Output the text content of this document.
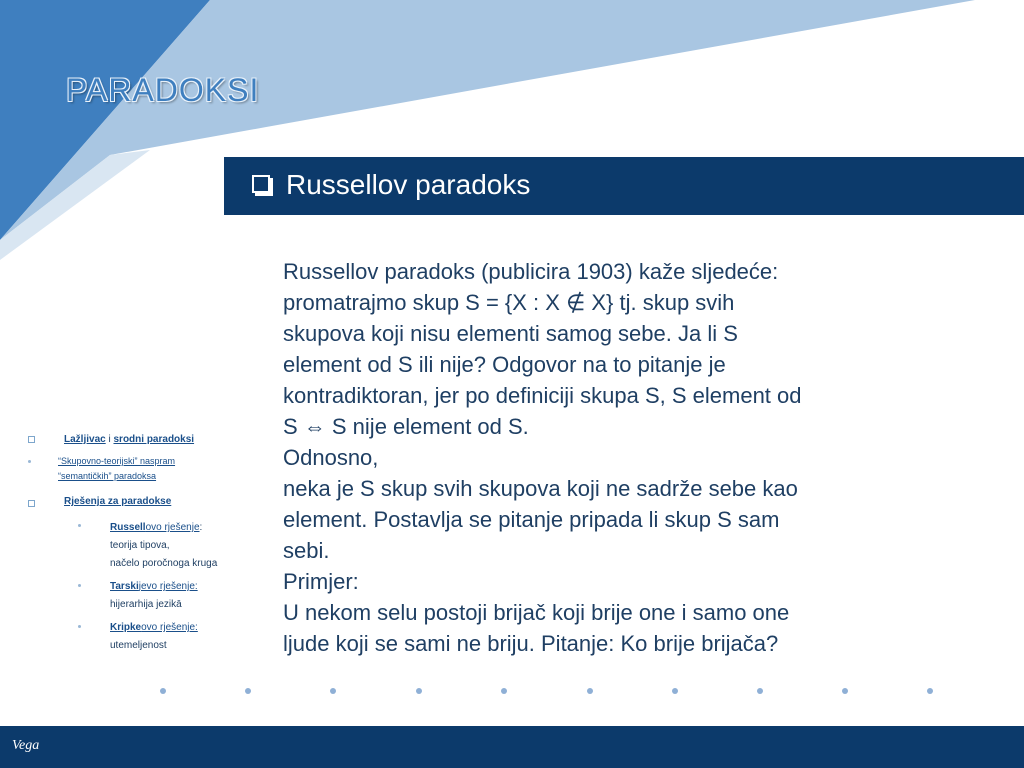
PARADOKSI
Russellov paradoks

Russellov paradoks (publicira 1903) kaže sljedeće:

promatrajmo skup S = {X : X ∉ X} tj. skup svih

skupova koji nisu elementi samog sebe. Ja li S

element od S ili nije? Odgovor na to pitanje je

kontradiktoran, jer po definiciji skupa S, S element od

S ⇔ S nije element od S.

Odnosno,

neka je S skup svih skupova koji ne sadrže sebe kao

element. Postavlja se pitanje pripada li skup S sam

sebi.

Primjer:

U nekom selu postoji brijač koji brije one i samo one

ljude koji se sami ne briju. Pitanje: Ko brije brijača?

Lažljivac i srodni paradoksi
“Skupovno-teorijski” naspram
“semantičkih” paradoksa
Rješenja za paradokse
Russellovo rješenje:
teorija tipova,
načelo poročnoga kruga
Tarskijevo rješenje:
hijerarhija jezikā
Kripkeovo rješenje:
utemeljenost
Vega
